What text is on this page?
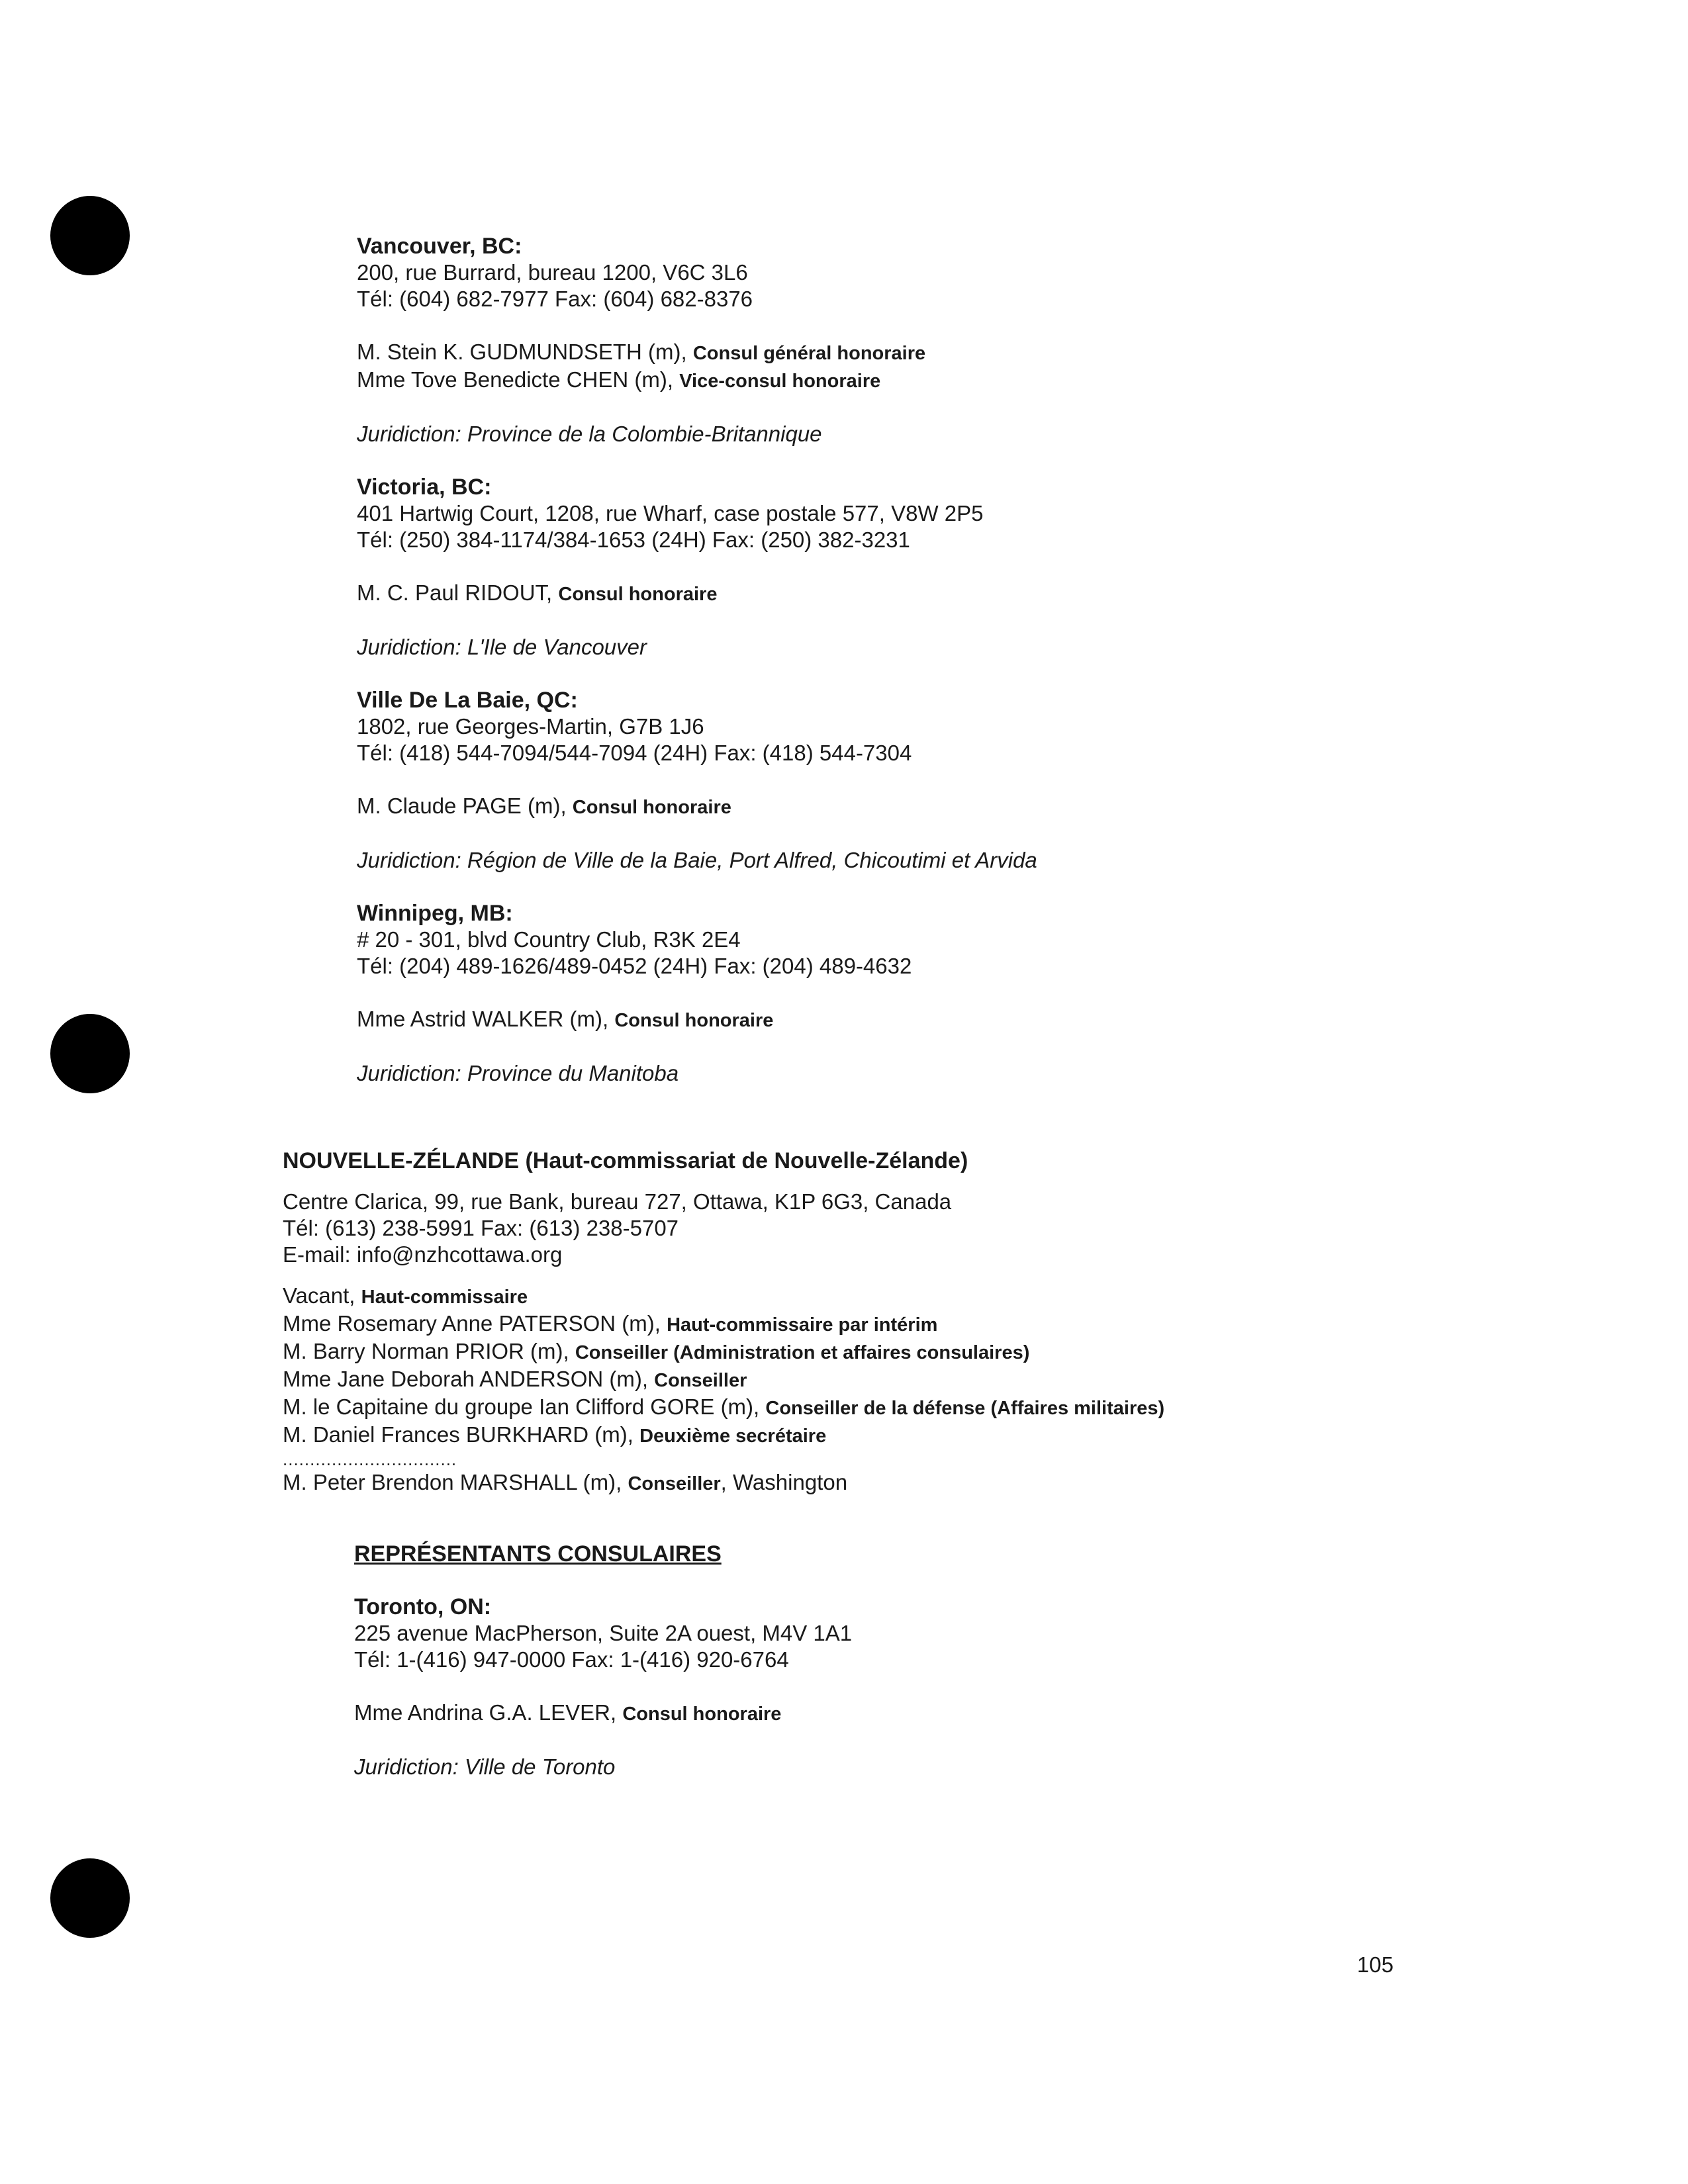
Vancouver, BC:
200, rue Burrard, bureau 1200, V6C 3L6
Tél: (604) 682-7977 Fax: (604) 682-8376
M. Stein K. GUDMUNDSETH (m), Consul général honoraire
Mme Tove Benedicte CHEN (m), Vice-consul honoraire
Juridiction: Province de la Colombie-Britannique
Victoria, BC:
401 Hartwig Court, 1208, rue Wharf, case postale 577, V8W 2P5
Tél: (250) 384-1174/384-1653 (24H) Fax: (250) 382-3231
M. C. Paul RIDOUT, Consul honoraire
Juridiction: L'Ile de Vancouver
Ville De La Baie, QC:
1802, rue Georges-Martin, G7B 1J6
Tél: (418) 544-7094/544-7094 (24H) Fax: (418) 544-7304
M. Claude PAGE (m), Consul honoraire
Juridiction: Région de Ville de la Baie, Port Alfred, Chicoutimi et Arvida
Winnipeg, MB:
# 20 - 301, blvd Country Club, R3K 2E4
Tél: (204) 489-1626/489-0452 (24H) Fax: (204) 489-4632
Mme Astrid WALKER (m), Consul honoraire
Juridiction: Province du Manitoba
NOUVELLE-ZÉLANDE (Haut-commissariat de Nouvelle-Zélande)
Centre Clarica, 99, rue Bank, bureau 727, Ottawa, K1P 6G3, Canada
Tél: (613) 238-5991 Fax: (613) 238-5707
E-mail: info@nzhcottawa.org
Vacant, Haut-commissaire
Mme Rosemary Anne PATERSON (m), Haut-commissaire par intérim
M. Barry Norman PRIOR (m), Conseiller (Administration et affaires consulaires)
Mme Jane Deborah ANDERSON (m), Conseiller
M. le Capitaine du groupe Ian Clifford GORE (m), Conseiller de la défense (Affaires militaires)
M. Daniel Frances BURKHARD (m), Deuxième secrétaire
................................
M. Peter Brendon MARSHALL (m), Conseiller, Washington
REPRÉSENTANTS CONSULAIRES
Toronto, ON:
225 avenue MacPherson, Suite 2A ouest, M4V 1A1
Tél: 1-(416) 947-0000 Fax: 1-(416) 920-6764
Mme Andrina G.A. LEVER, Consul honoraire
Juridiction: Ville de Toronto
105
